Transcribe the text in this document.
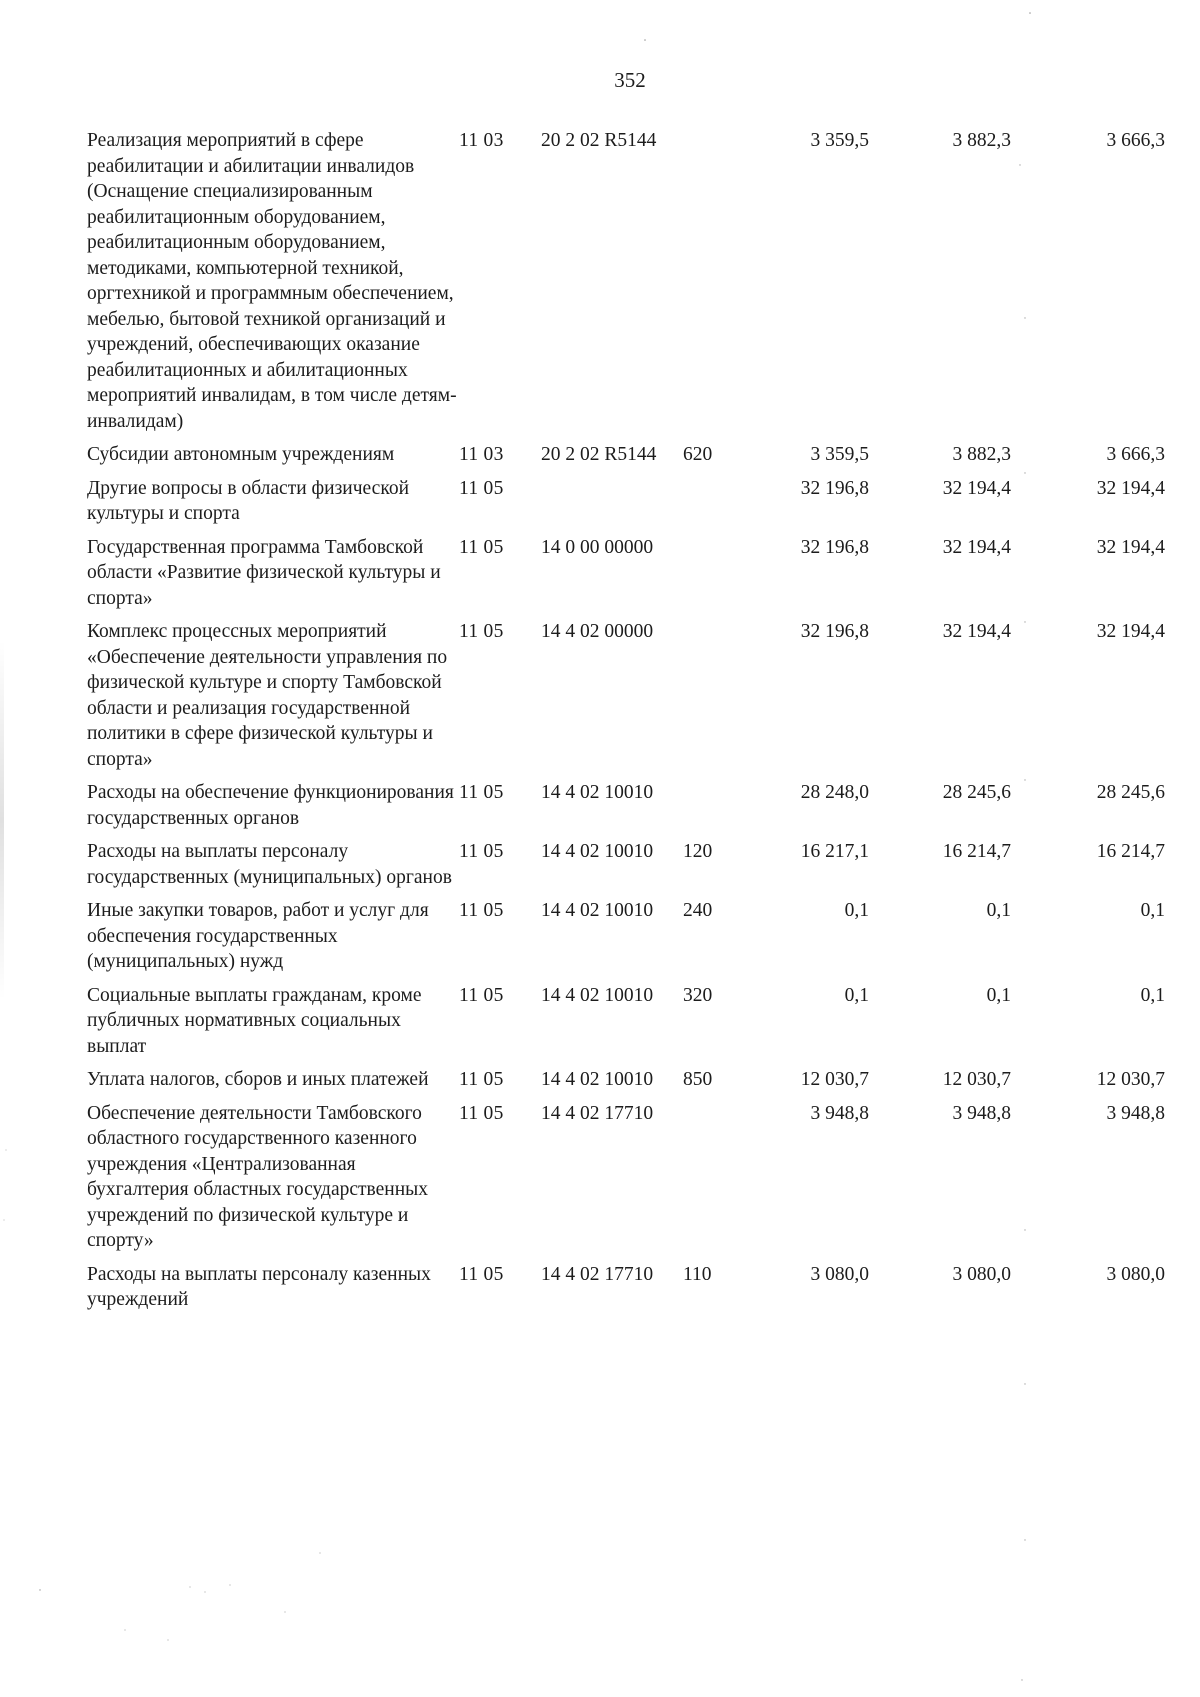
352
Реализация мероприятий в сфере реабилитации и абилитации инвалидов (Оснащение специализированным реабилитационным оборудованием, реабилитационным оборудованием, методиками, компьютерной техникой, оргтехникой и программным обеспечением, мебелью, бытовой техникой организаций и учреждений, обеспечивающих оказание реабилитационных и абилитационных мероприятий инвалидам, в том числе детям-инвалидам)	11 03	20 2 02 R5144		3 359,5	3 882,3	3 666,3
Субсидии автономным учреждениям	11 03	20 2 02 R5144	620	3 359,5	3 882,3	3 666,3
Другие вопросы в области физической культуры и спорта	11 05			32 196,8	32 194,4	32 194,4
Государственная программа Тамбовской области «Развитие физической культуры и спорта»	11 05	14 0 00 00000		32 196,8	32 194,4	32 194,4
Комплекс процессных мероприятий «Обеспечение деятельности управления по физической культуре и спорту Тамбовской области и реализация государственной политики в сфере физической культуры и спорта»	11 05	14 4 02 00000		32 196,8	32 194,4	32 194,4
Расходы на обеспечение функционирования государственных органов	11 05	14 4 02 10010		28 248,0	28 245,6	28 245,6
Расходы на выплаты персоналу государственных (муниципальных) органов	11 05	14 4 02 10010	120	16 217,1	16 214,7	16 214,7
Иные закупки товаров, работ и услуг для обеспечения государственных (муниципальных) нужд	11 05	14 4 02 10010	240	0,1	0,1	0,1
Социальные выплаты гражданам, кроме публичных нормативных социальных выплат	11 05	14 4 02 10010	320	0,1	0,1	0,1
Уплата налогов, сборов и иных платежей	11 05	14 4 02 10010	850	12 030,7	12 030,7	12 030,7
Обеспечение деятельности Тамбовского областного государственного казенного учреждения «Централизованная бухгалтерия областных государственных учреждений по физической культуре и спорту»	11 05	14 4 02 17710		3 948,8	3 948,8	3 948,8
Расходы на выплаты персоналу казенных учреждений	11 05	14 4 02 17710	110	3 080,0	3 080,0	3 080,0
